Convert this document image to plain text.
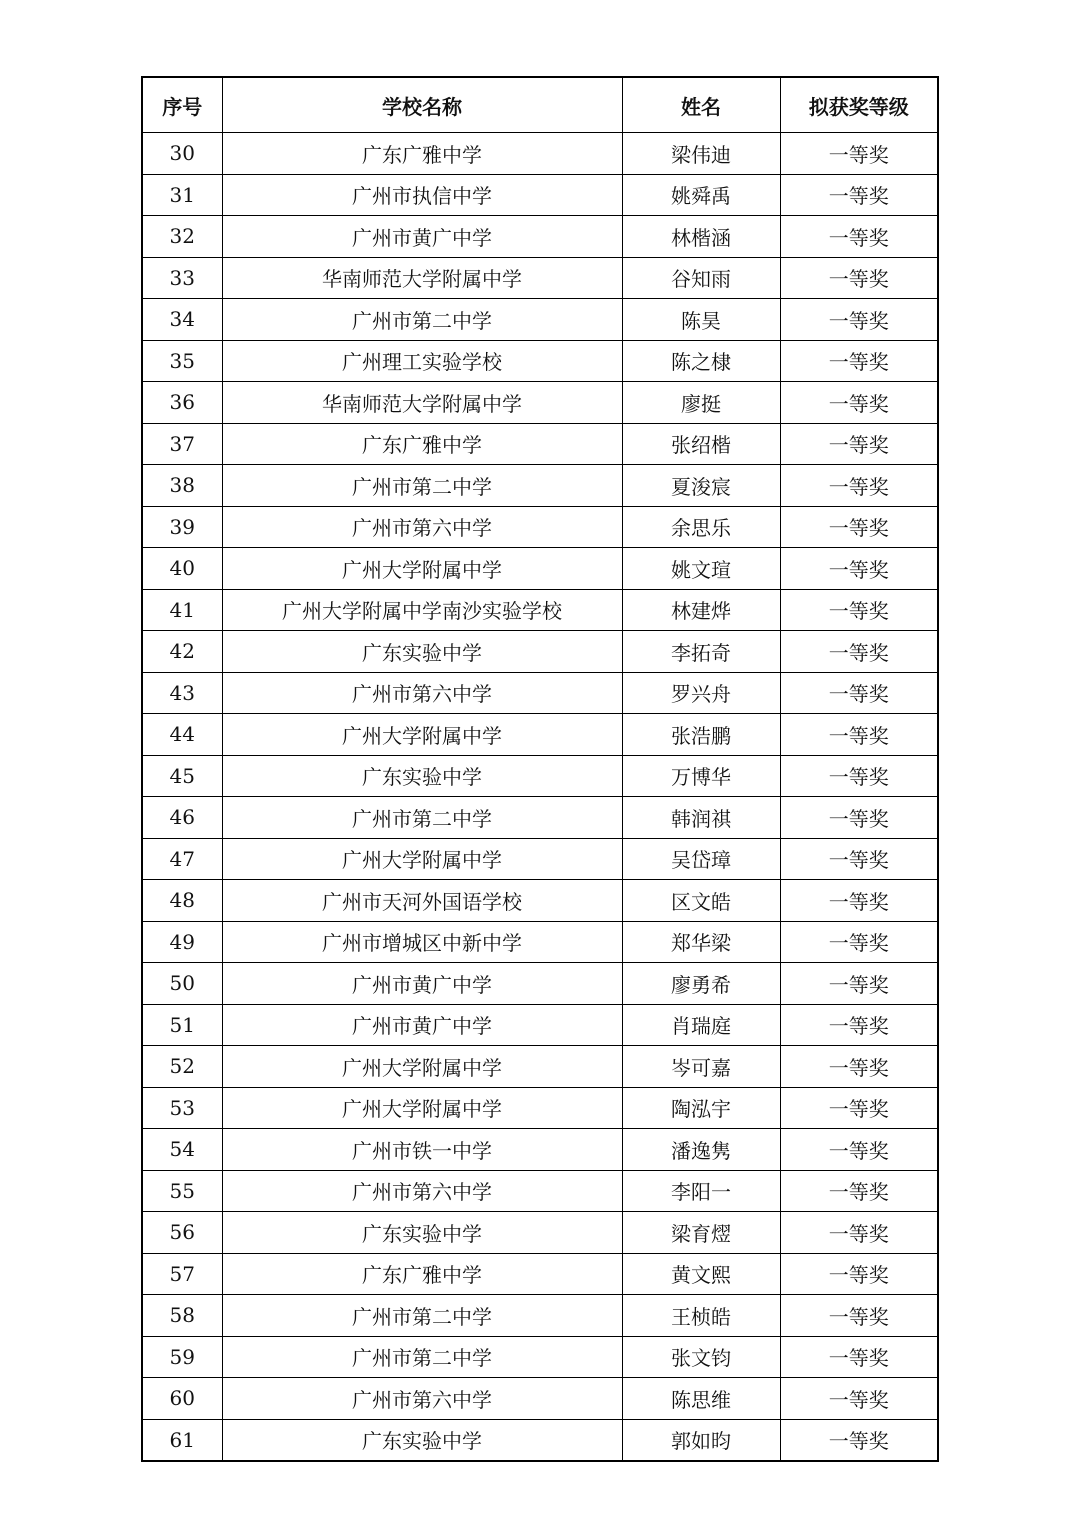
序号	学校名称	姓名	拟获奖等级
30	广东广雅中学	梁伟迪	一等奖
31	广州市执信中学	姚舜禹	一等奖
32	广州市黄广中学	林楷涵	一等奖
33	华南师范大学附属中学	谷知雨	一等奖
34	广州市第二中学	陈昊	一等奖
35	广州理工实验学校	陈之棣	一等奖
36	华南师范大学附属中学	廖挺	一等奖
37	广东广雅中学	张绍楷	一等奖
38	广州市第二中学	夏浚宸	一等奖
39	广州市第六中学	余思乐	一等奖
40	广州大学附属中学	姚文瑄	一等奖
41	广州大学附属中学南沙实验学校	林建烨	一等奖
42	广东实验中学	李拓奇	一等奖
43	广州市第六中学	罗兴舟	一等奖
44	广州大学附属中学	张浩鹏	一等奖
45	广东实验中学	万博华	一等奖
46	广州市第二中学	韩润祺	一等奖
47	广州大学附属中学	吴岱璋	一等奖
48	广州市天河外国语学校	区文皓	一等奖
49	广州市增城区中新中学	郑华梁	一等奖
50	广州市黄广中学	廖勇希	一等奖
51	广州市黄广中学	肖瑞庭	一等奖
52	广州大学附属中学	岑可嘉	一等奖
53	广州大学附属中学	陶泓宇	一等奖
54	广州市铁一中学	潘逸隽	一等奖
55	广州市第六中学	李阳一	一等奖
56	广东实验中学	梁育熤	一等奖
57	广东广雅中学	黄文熙	一等奖
58	广州市第二中学	王桢皓	一等奖
59	广州市第二中学	张文钧	一等奖
60	广州市第六中学	陈思维	一等奖
61	广东实验中学	郭如昀	一等奖
